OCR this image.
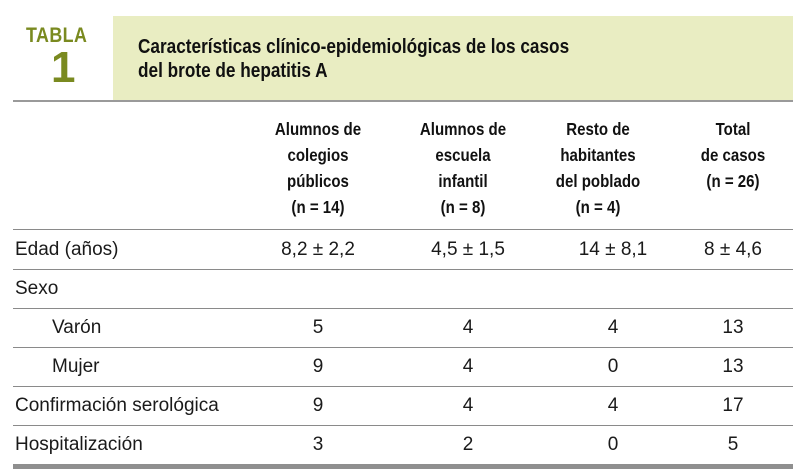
TABLA
1	Características clínico-epidemiológicas de los casos
del brote de hepatitis A
Alumnos de
colegios
públicos
(n = 14)
Alumnos de
escuela
infantil
(n = 8)
Resto de
habitantes
del poblado
(n = 4)
Total
de casos
(n = 26)
Edad (años)	8,2 ± 2,2	4,5 ± 1,5	14 ± 8,1	8 ± 4,6
Sexo
Varón	5	4	4	13
Mujer	9	4	0	13
Confirmación serológica	9	4	4	17
Hospitalización	3	2	0	5
